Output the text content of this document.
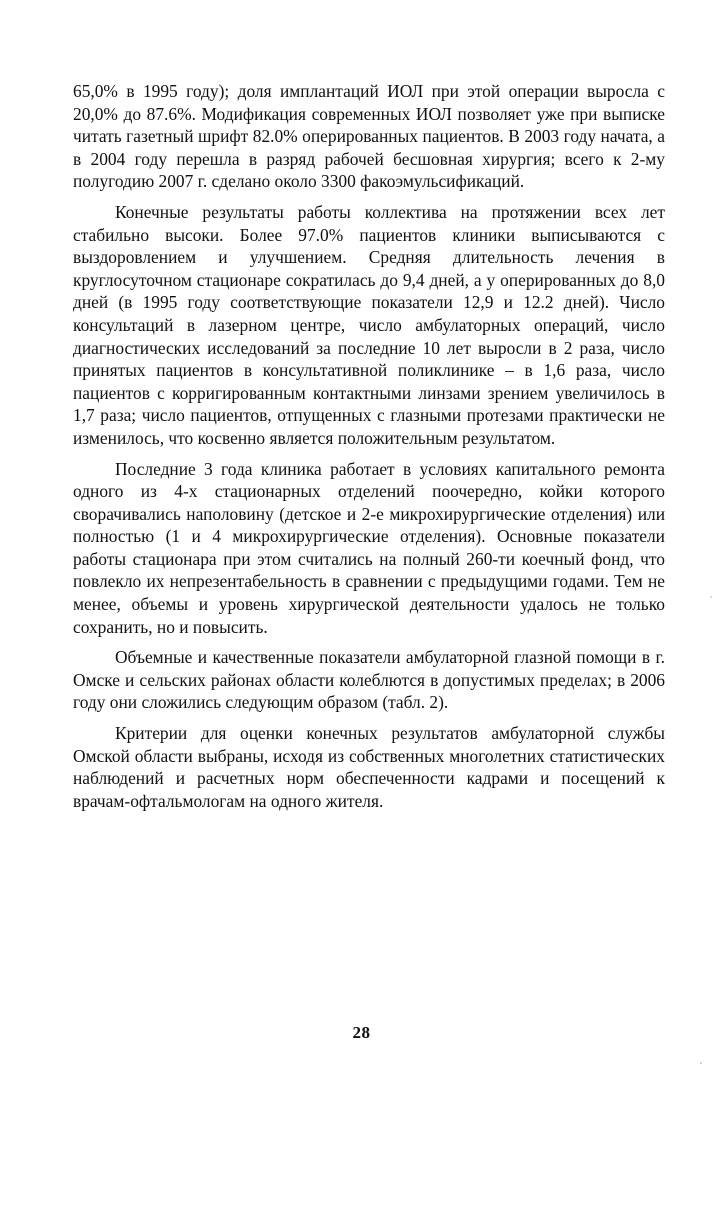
65,0% в 1995 году); доля имплантаций ИОЛ при этой операции выросла с 20,0% до 87.6%. Модификация современных ИОЛ позволяет уже при выписке читать газетный шрифт 82.0% оперированных пациентов. В 2003 году начата, а в 2004 году перешла в разряд рабочей бесшовная хирургия; всего к 2-му полугодию 2007 г. сделано около 3300 факоэмульсификаций.

Конечные результаты работы коллектива на протяжении всех лет стабильно высоки. Более 97.0% пациентов клиники выписываются с выздоровлением и улучшением. Средняя длительность лечения в круглосуточном стационаре сократилась до 9,4 дней, а у оперированных до 8,0 дней (в 1995 году соответствующие показатели 12,9 и 12.2 дней). Число консультаций в лазерном центре, число амбулаторных операций, число диагностических исследований за последние 10 лет выросли в 2 раза, число принятых пациентов в консультативной поликлинике – в 1,6 раза, число пациентов с корригированным контактными линзами зрением увеличилось в 1,7 раза; число пациентов, отпущенных с глазными протезами практически не изменилось, что косвенно является положительным результатом.

Последние 3 года клиника работает в условиях капитального ремонта одного из 4-х стационарных отделений поочередно, койки которого сворачивались наполовину (детское и 2-е микрохирургические отделения) или полностью (1 и 4 микрохирургические отделения). Основные показатели работы стационара при этом считались на полный 260-ти коечный фонд, что повлекло их непрезентабельность в сравнении с предыдущими годами. Тем не менее, объемы и уровень хирургической деятельности удалось не только сохранить, но и повысить.

Объемные и качественные показатели амбулаторной глазной помощи в г. Омске и сельских районах области колеблются в допустимых пределах; в 2006 году они сложились следующим образом (табл. 2).

Критерии для оценки конечных результатов амбулаторной службы Омской области выбраны, исходя из собственных многолетних статистических наблюдений и расчетных норм обеспеченности кадрами и посещений к врачам-офтальмологам на одного жителя.

28
